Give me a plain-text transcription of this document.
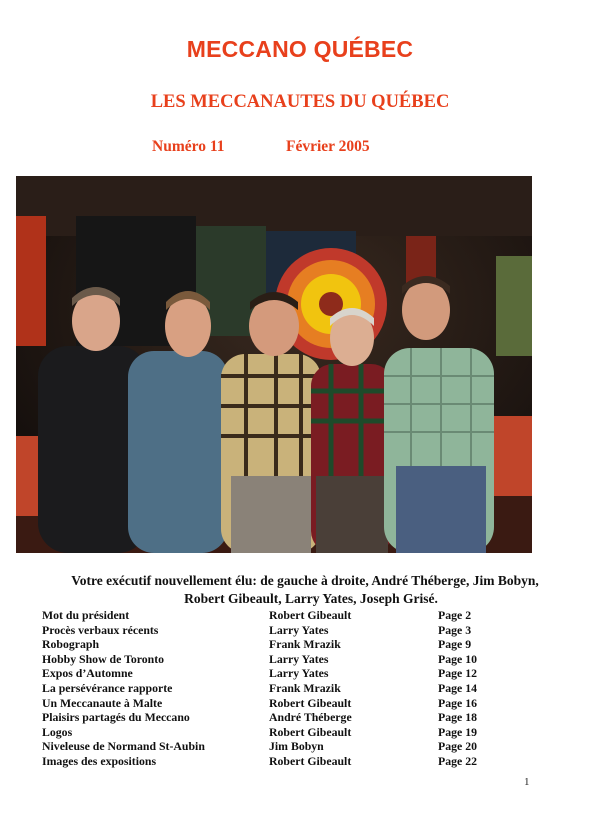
MECCANO QUÉBEC
LES MECCANAUTES DU QUÉBEC
Numéro 11	Février 2005
Votre exécutif nouvellement élu: de gauche à droite, André Théberge, Jim Bobyn,
Robert Gibeault, Larry Yates, Joseph Grisé.
Mot du président	Robert Gibeault	Page 2
Procès verbaux récents	Larry Yates	Page 3
Robograph	Frank Mrazik	Page 9
Hobby Show de Toronto	Larry Yates	Page 10
Expos d’Automne	Larry Yates	Page 12
La persévérance rapporte	Frank Mrazik	Page 14
Un Meccanaute à Malte	Robert Gibeault	Page 16
Plaisirs partagés du Meccano	André Théberge	Page 18
Logos	Robert Gibeault	Page 19
Niveleuse de Normand St-Aubin	Jim Bobyn	Page 20
Images des expositions	Robert Gibeault	Page 22
1
